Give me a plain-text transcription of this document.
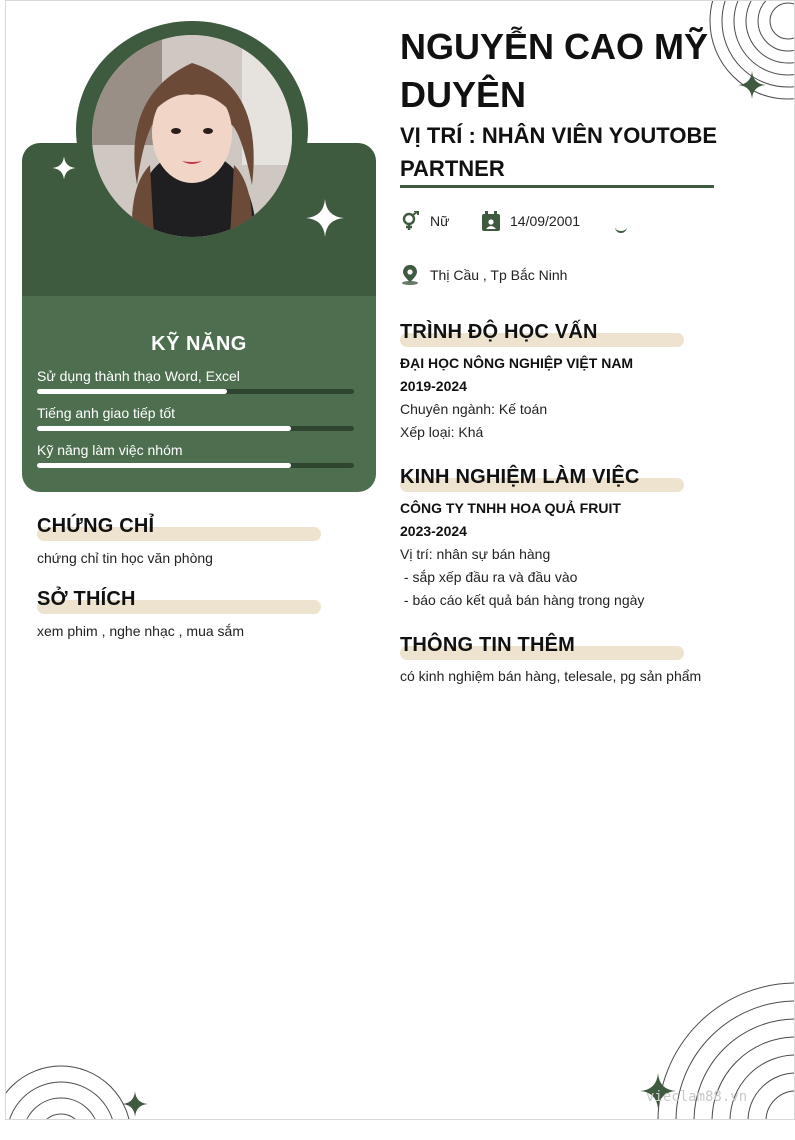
vieclam88.vn
KỸ NĂNG
Sử dụng thành thạo Word, Excel
Tiếng anh giao tiếp tốt
Kỹ năng làm việc nhóm
CHỨNG CHỈ
chứng chỉ tin học văn phòng
SỞ THÍCH
xem phim , nghe nhạc , mua sắm
NGUYỄN CAO MỸ DUYÊN
VỊ TRÍ : NHÂN VIÊN YOUTOBE PARTNER
Nữ	14/09/2001
Thị Cầu , Tp Bắc Ninh
TRÌNH ĐỘ HỌC VẤN
ĐẠI HỌC NÔNG NGHIỆP VIỆT NAM
2019-2024
Chuyên ngành: Kế toán
Xếp loại: Khá
KINH NGHIỆM LÀM VIỆC
CÔNG TY TNHH HOA QUẢ FRUIT
2023-2024
Vị trí: nhân sự bán hàng
- sắp xếp đầu ra và đầu vào
- báo cáo kết quả bán hàng trong ngày
THÔNG TIN THÊM
có kinh nghiệm bán hàng, telesale, pg sản phẩm
